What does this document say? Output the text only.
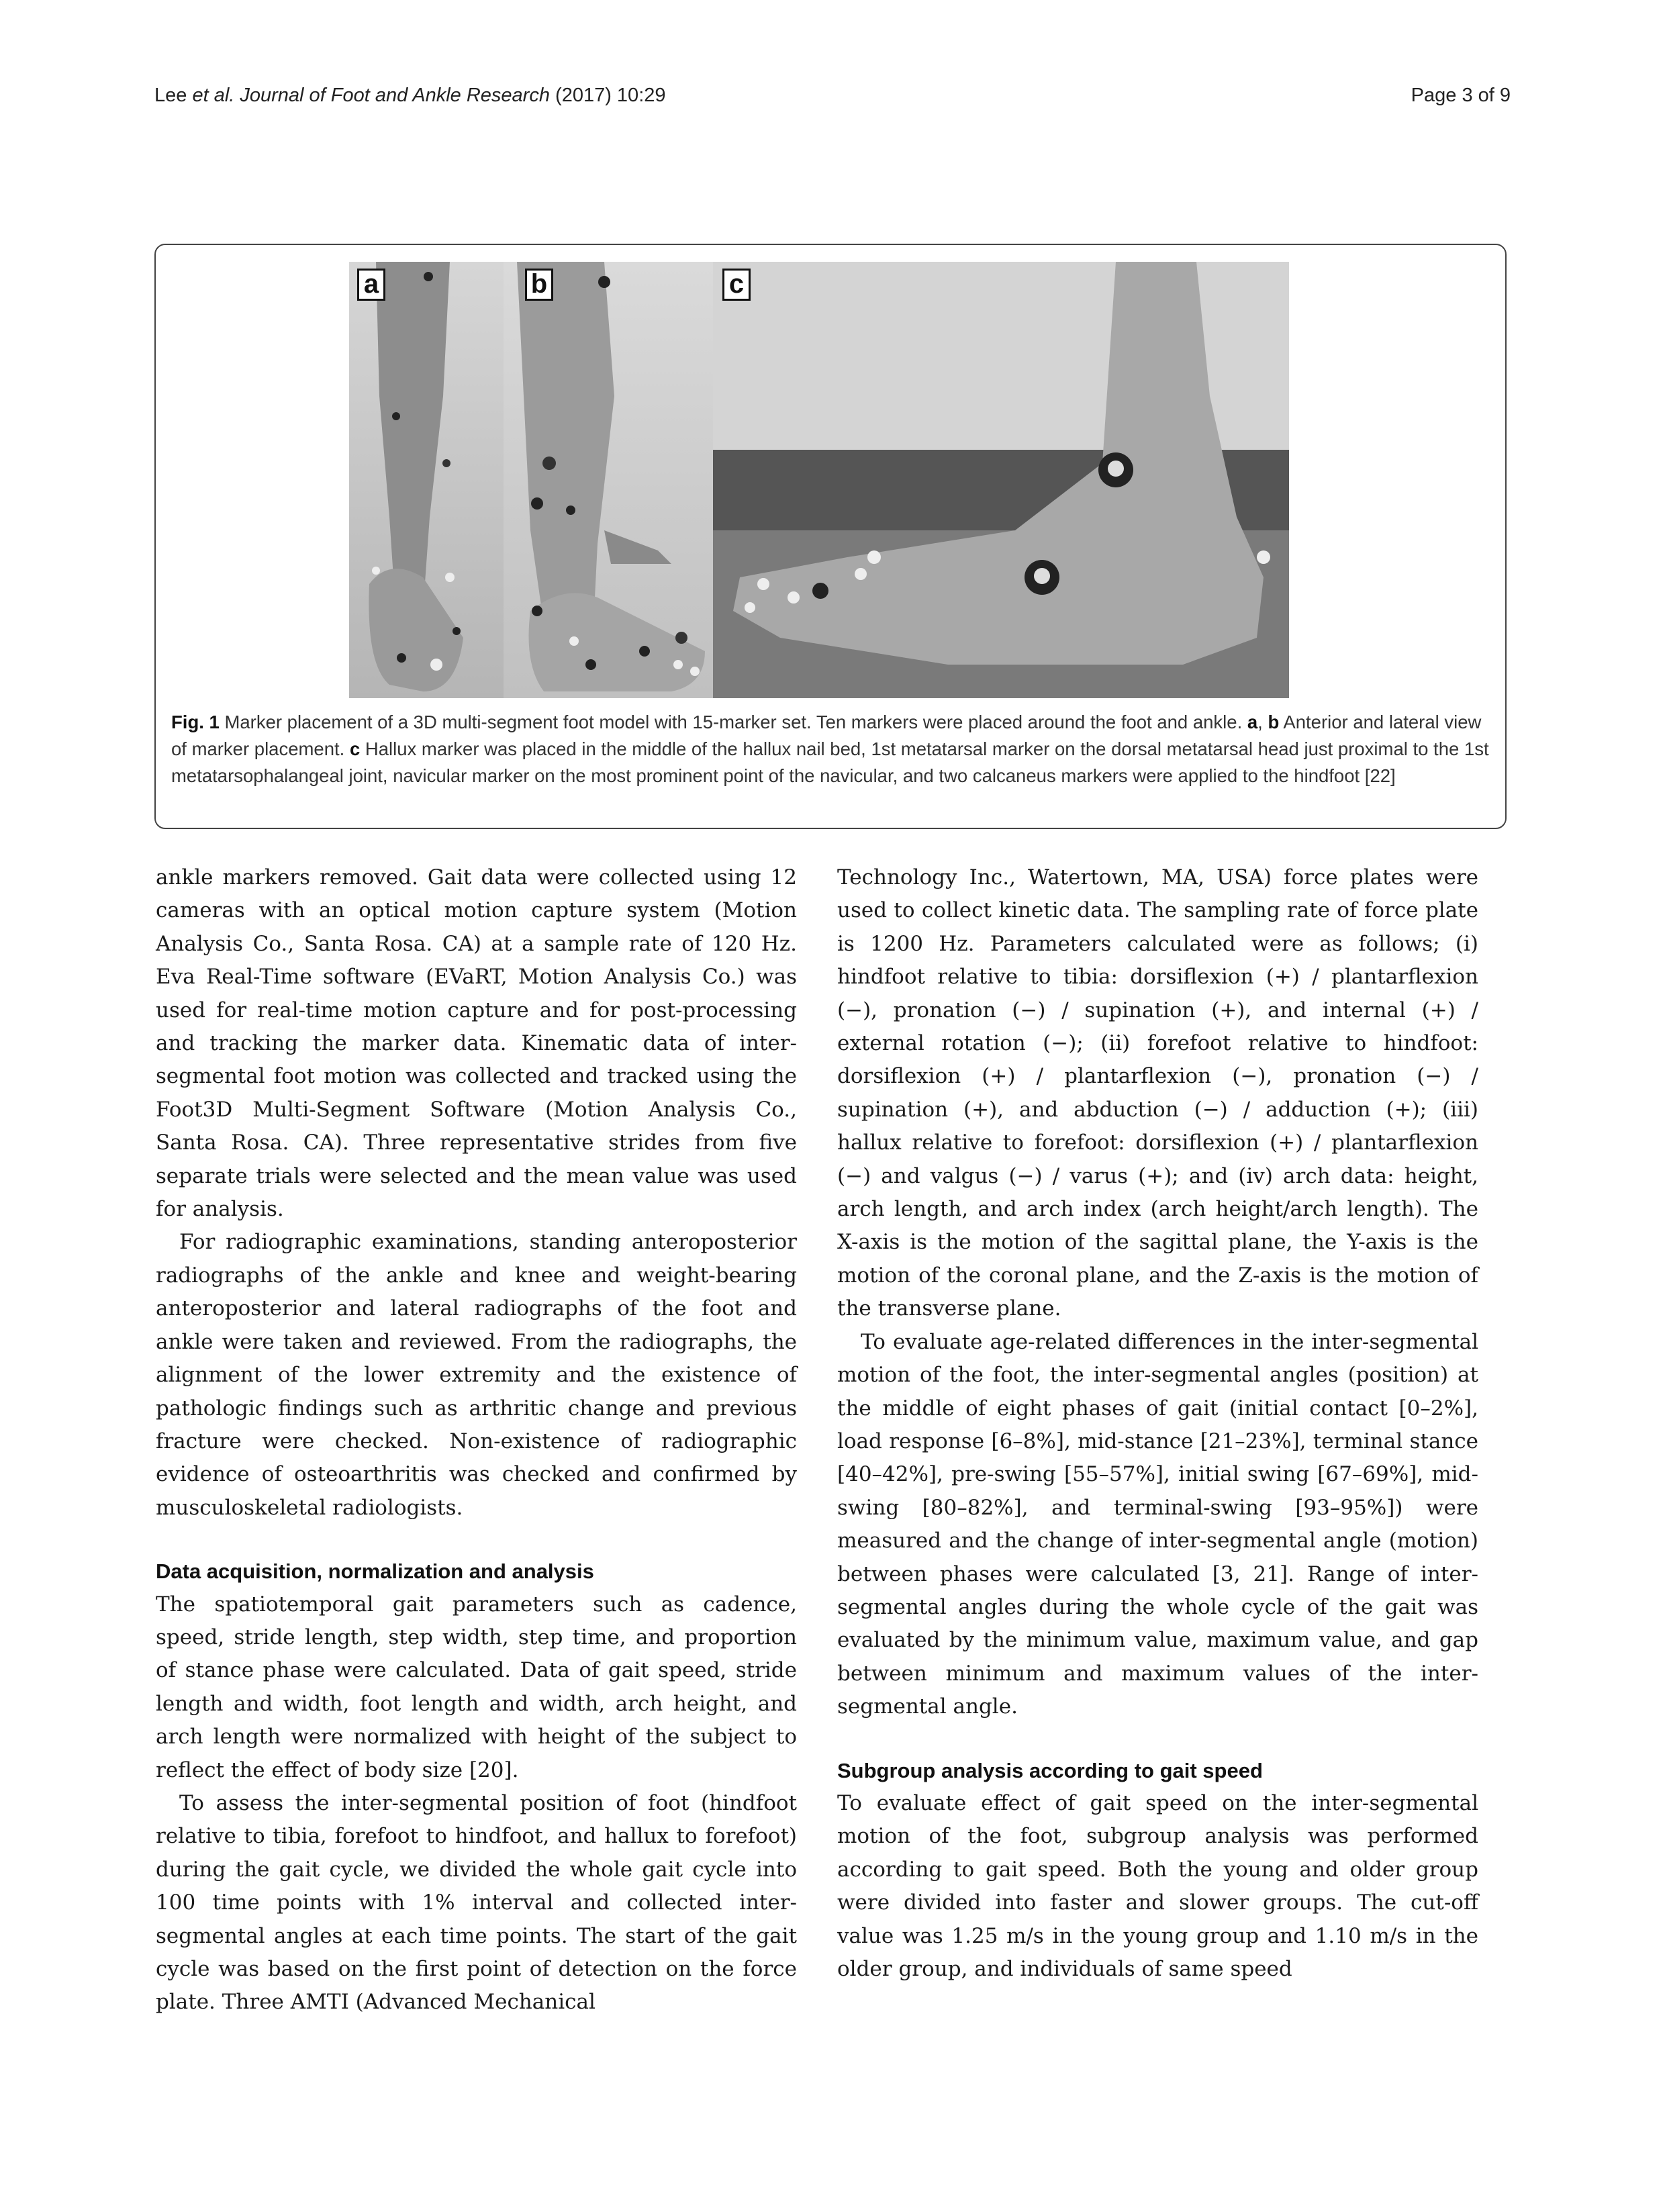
Lee et al. Journal of Foot and Ankle Research (2017) 10:29	Page 3 of 9
a	b	c
Fig. 1 Marker placement of a 3D multi-segment foot model with 15-marker set. Ten markers were placed around the foot and ankle. a, b Anterior and lateral view of marker placement. c Hallux marker was placed in the middle of the hallux nail bed, 1st metatarsal marker on the dorsal metatarsal head just proximal to the 1st metatarsophalangeal joint, navicular marker on the most prominent point of the navicular, and two calcaneus markers were applied to the hindfoot [22]

ankle markers removed. Gait data were collected using 12 cameras with an optical motion capture system (Motion Analysis Co., Santa Rosa. CA) at a sample rate of 120 Hz. Eva Real-Time software (EVaRT, Motion Analysis Co.) was used for real-time motion capture and for post-processing and tracking the marker data. Kinematic data of inter-segmental foot motion was collected and tracked using the Foot3D Multi-Segment Software (Motion Analysis Co., Santa Rosa. CA). Three representative strides from five separate trials were selected and the mean value was used for analysis.

For radiographic examinations, standing anteroposterior radiographs of the ankle and knee and weight-bearing anteroposterior and lateral radiographs of the foot and ankle were taken and reviewed. From the radiographs, the alignment of the lower extremity and the existence of pathologic findings such as arthritic change and previous fracture were checked. Non-existence of radiographic evidence of osteoarthritis was checked and confirmed by musculoskeletal radiologists.

Data acquisition, normalization and analysis

The spatiotemporal gait parameters such as cadence, speed, stride length, step width, step time, and proportion of stance phase were calculated. Data of gait speed, stride length and width, foot length and width, arch height, and arch length were normalized with height of the subject to reflect the effect of body size [20].

To assess the inter-segmental position of foot (hindfoot relative to tibia, forefoot to hindfoot, and hallux to forefoot) during the gait cycle, we divided the whole gait cycle into 100 time points with 1% interval and collected inter-segmental angles at each time points. The start of the gait cycle was based on the first point of detection on the force plate. Three AMTI (Advanced Mechanical

Technology Inc., Watertown, MA, USA) force plates were used to collect kinetic data. The sampling rate of force plate is 1200 Hz. Parameters calculated were as follows; (i) hindfoot relative to tibia: dorsiflexion (+) / plantarflexion (−), pronation (−) / supination (+), and internal (+) / external rotation (−); (ii) forefoot relative to hindfoot: dorsiflexion (+) / plantarflexion (−), pronation (−) / supination (+), and abduction (−) / adduction (+); (iii) hallux relative to forefoot: dorsiflexion (+) / plantarflexion (−) and valgus (−) / varus (+); and (iv) arch data: height, arch length, and arch index (arch height/arch length). The X-axis is the motion of the sagittal plane, the Y-axis is the motion of the coronal plane, and the Z-axis is the motion of the transverse plane.

To evaluate age-related differences in the inter-segmental motion of the foot, the inter-segmental angles (position) at the middle of eight phases of gait (initial contact [0–2%], load response [6–8%], mid-stance [21–23%], terminal stance [40–42%], pre-swing [55–57%], initial swing [67–69%], mid-swing [80–82%], and terminal-swing [93–95%]) were measured and the change of inter-segmental angle (motion) between phases were calculated [3, 21]. Range of inter-segmental angles during the whole cycle of the gait was evaluated by the minimum value, maximum value, and gap between minimum and maximum values of the inter-segmental angle.

Subgroup analysis according to gait speed

To evaluate effect of gait speed on the inter-segmental motion of the foot, subgroup analysis was performed according to gait speed. Both the young and older group were divided into faster and slower groups. The cut-off value was 1.25 m/s in the young group and 1.10 m/s in the older group, and individuals of same speed
